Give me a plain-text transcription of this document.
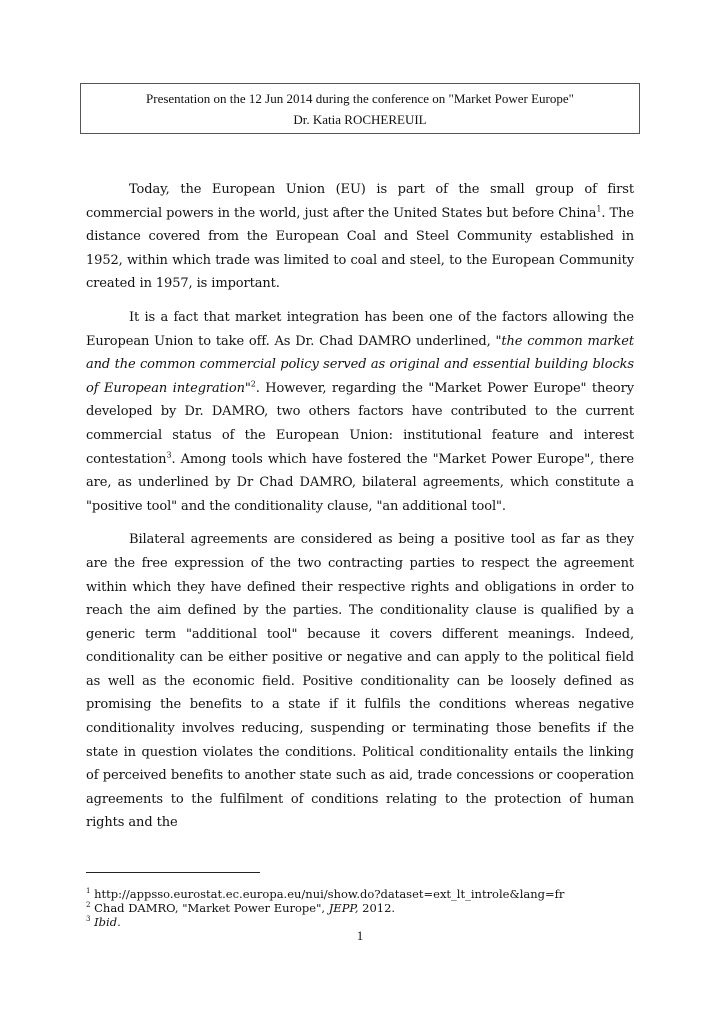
Presentation on the 12 Jun 2014 during the conference on "Market Power Europe"
Dr. Katia ROCHEREUIL

Today, the European Union (EU) is part of the small group of first commercial powers in the world, just after the United States but before China$^1$. The distance covered from the European Coal and Steel Community established in 1952, within which trade was limited to coal and steel, to the European Community created in 1957, is important.

It is a fact that market integration has been one of the factors allowing the European Union to take off. As Dr. Chad DAMRO underlined, "the common market and the common commercial policy served as original and essential building blocks of European integration"$^2$. However, regarding the "Market Power Europe" theory developed by Dr. DAMRO, two others factors have contributed to the current commercial status of the European Union: institutional feature and interest contestation$^3$. Among tools which have fostered the "Market Power Europe", there are, as underlined by Dr Chad DAMRO, bilateral agreements, which constitute a "positive tool" and the conditionality clause, "an additional tool".

Bilateral agreements are considered as being a positive tool as far as they are the free expression of the two contracting parties to respect the agreement within which they have defined their respective rights and obligations in order to reach the aim defined by the parties. The conditionality clause is qualified by a generic term "additional tool" because it covers different meanings. Indeed, conditionality can be either positive or negative and can apply to the political field as well as the economic field. Positive conditionality can be loosely defined as promising the benefits to a state if it fulfils the conditions whereas negative conditionality involves reducing, suspending or terminating those benefits if the state in question violates the conditions. Political conditionality entails the linking of perceived benefits to another state such as aid, trade concessions or cooperation agreements to the fulfilment of conditions relating to the protection of human rights and the

$^1$ http://appsso.eurostat.ec.europa.eu/nui/show.do?dataset=ext_lt_introle&lang=fr
$^2$ Chad DAMRO, "Market Power Europe", JEPP, 2012.
$^3$ Ibid.
1
